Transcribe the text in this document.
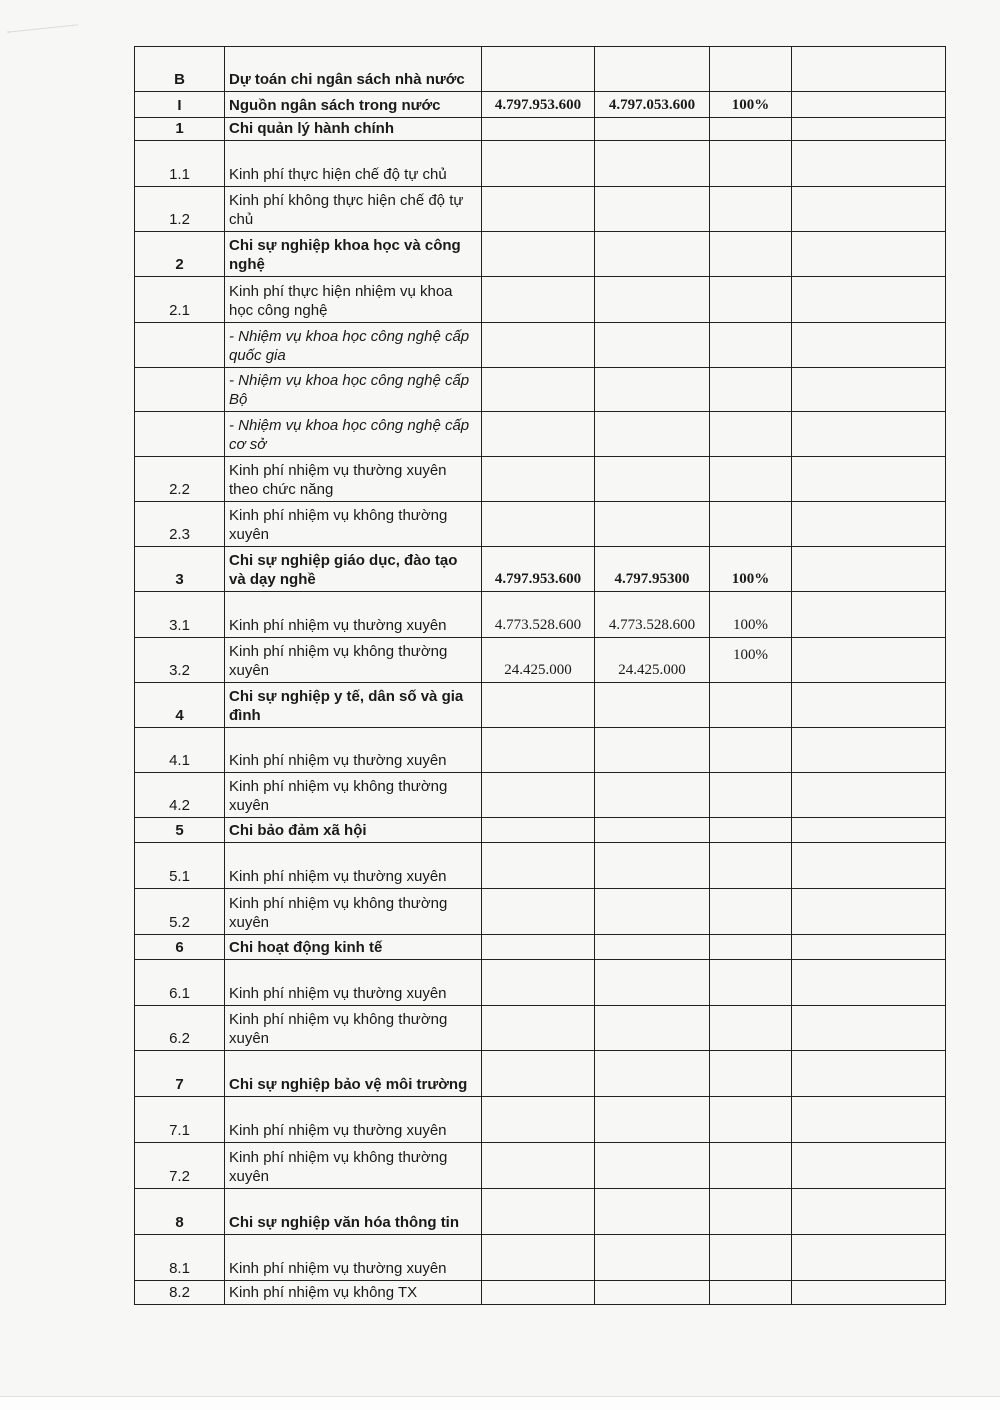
B	Dự toán chi ngân sách nhà nước				
I	Nguồn ngân sách trong nước	4.797.953.600	4.797.053.600	100%	
1	Chi quản lý hành chính				
1.1	Kinh phí thực hiện chế độ tự chủ				
1.2	Kinh phí không thực hiện chế độ tự chủ				
2	Chi sự nghiệp khoa học và công nghệ				
2.1	Kinh phí thực hiện nhiệm vụ khoa học công nghệ				
	- Nhiệm vụ khoa học công nghệ cấp quốc gia				
	- Nhiệm vụ khoa học công nghệ cấp Bộ				
	- Nhiệm vụ khoa học công nghệ cấp cơ sở				
2.2	Kinh phí nhiệm vụ thường xuyên theo chức năng				
2.3	Kinh phí nhiệm vụ không thường xuyên				
3	Chi sự nghiệp giáo dục, đào tạo và dạy nghề	4.797.953.600	4.797.95300	100%	
3.1	Kinh phí nhiệm vụ thường xuyên	4.773.528.600	4.773.528.600	100%	
3.2	Kinh phí nhiệm vụ không thường xuyên	24.425.000	24.425.000	100%	
4	Chi sự nghiệp y tế, dân số và gia đình				
4.1	Kinh phí nhiệm vụ thường xuyên				
4.2	Kinh phí nhiệm vụ không thường xuyên				
5	Chi bảo đảm xã hội				
5.1	Kinh phí nhiệm vụ thường xuyên				
5.2	Kinh phí nhiệm vụ không thường xuyên				
6	Chi hoạt động kinh tế				
6.1	Kinh phí nhiệm vụ thường xuyên				
6.2	Kinh phí nhiệm vụ không thường xuyên				
7	Chi sự nghiệp bảo vệ môi trường				
7.1	Kinh phí nhiệm vụ thường xuyên				
7.2	Kinh phí nhiệm vụ không thường xuyên				
8	Chi sự nghiệp văn hóa thông tin				
8.1	Kinh phí nhiệm vụ thường xuyên				
8.2	Kinh phí nhiệm vụ không TX				
